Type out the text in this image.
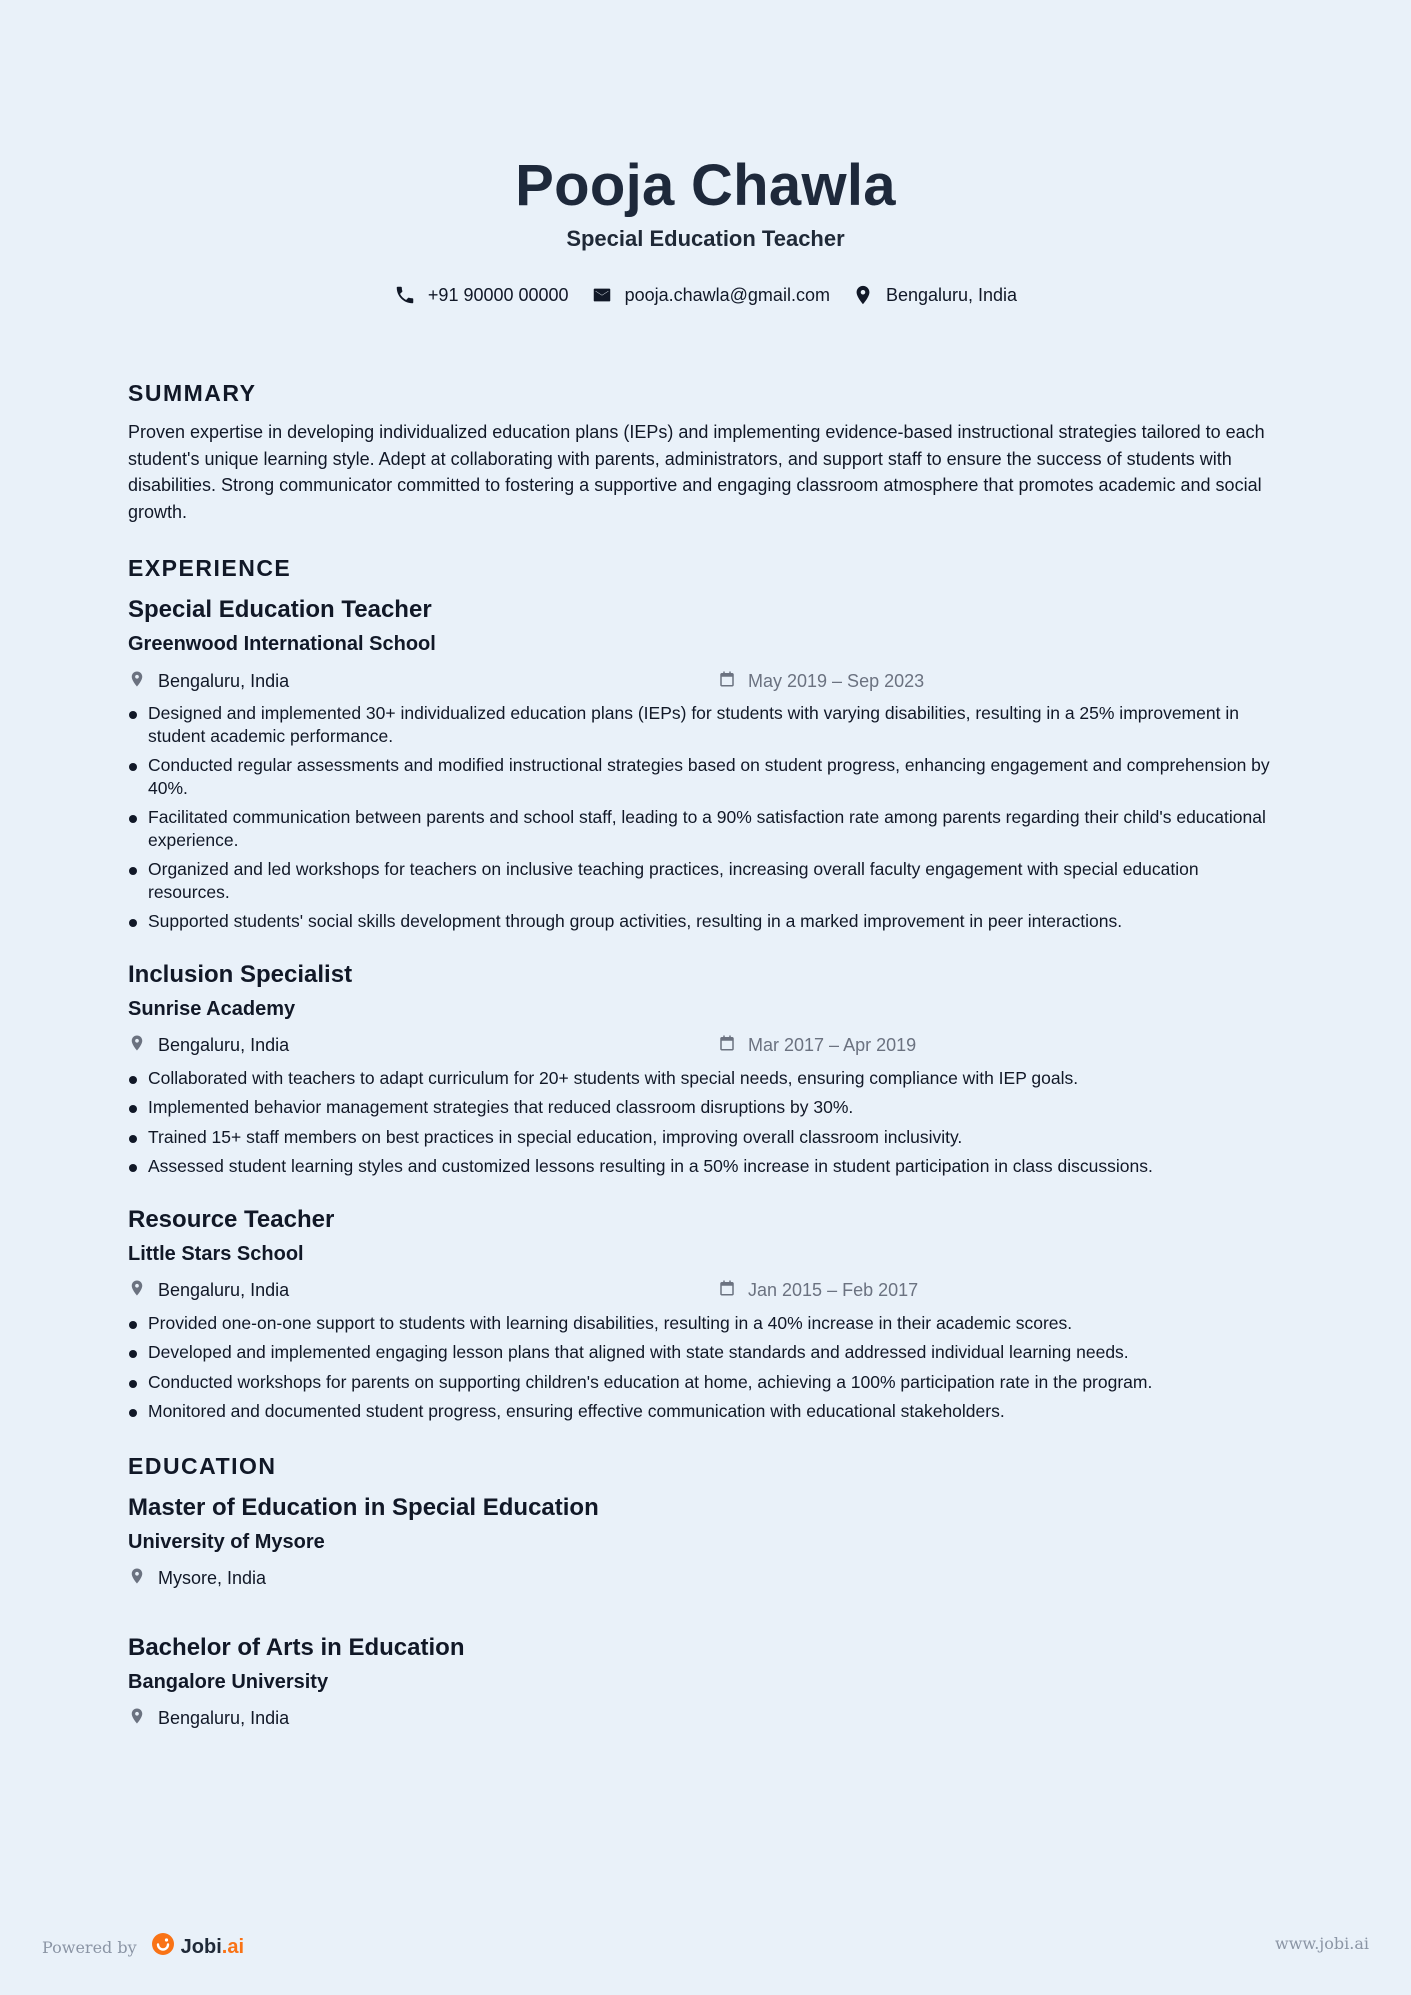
Pooja Chawla
Special Education Teacher
+91 90000 00000	pooja.chawla@gmail.com	Bengaluru, India
SUMMARY

Proven expertise in developing individualized education plans (IEPs) and implementing evidence-based instructional strategies tailored to each student's unique learning style. Adept at collaborating with parents, administrators, and support staff to ensure the success of students with disabilities. Strong communicator committed to fostering a supportive and engaging classroom atmosphere that promotes academic and social growth.

EXPERIENCE
Special Education Teacher
Greenwood International School
Bengaluru, India	May 2019 – Sep 2023
Designed and implemented 30+ individualized education plans (IEPs) for students with varying disabilities, resulting in a 25% improvement in student academic performance.
Conducted regular assessments and modified instructional strategies based on student progress, enhancing engagement and comprehension by 40%.
Facilitated communication between parents and school staff, leading to a 90% satisfaction rate among parents regarding their child's educational experience.
Organized and led workshops for teachers on inclusive teaching practices, increasing overall faculty engagement with special education resources.
Supported students' social skills development through group activities, resulting in a marked improvement in peer interactions.
Inclusion Specialist
Sunrise Academy
Bengaluru, India	Mar 2017 – Apr 2019
Collaborated with teachers to adapt curriculum for 20+ students with special needs, ensuring compliance with IEP goals.
Implemented behavior management strategies that reduced classroom disruptions by 30%.
Trained 15+ staff members on best practices in special education, improving overall classroom inclusivity.
Assessed student learning styles and customized lessons resulting in a 50% increase in student participation in class discussions.
Resource Teacher
Little Stars School
Bengaluru, India	Jan 2015 – Feb 2017
Provided one-on-one support to students with learning disabilities, resulting in a 40% increase in their academic scores.
Developed and implemented engaging lesson plans that aligned with state standards and addressed individual learning needs.
Conducted workshops for parents on supporting children's education at home, achieving a 100% participation rate in the program.
Monitored and documented student progress, ensuring effective communication with educational stakeholders.
EDUCATION
Master of Education in Special Education
University of Mysore
Mysore, India
Bachelor of Arts in Education
Bangalore University
Bengaluru, India
Powered by Jobi.ai	www.jobi.ai
